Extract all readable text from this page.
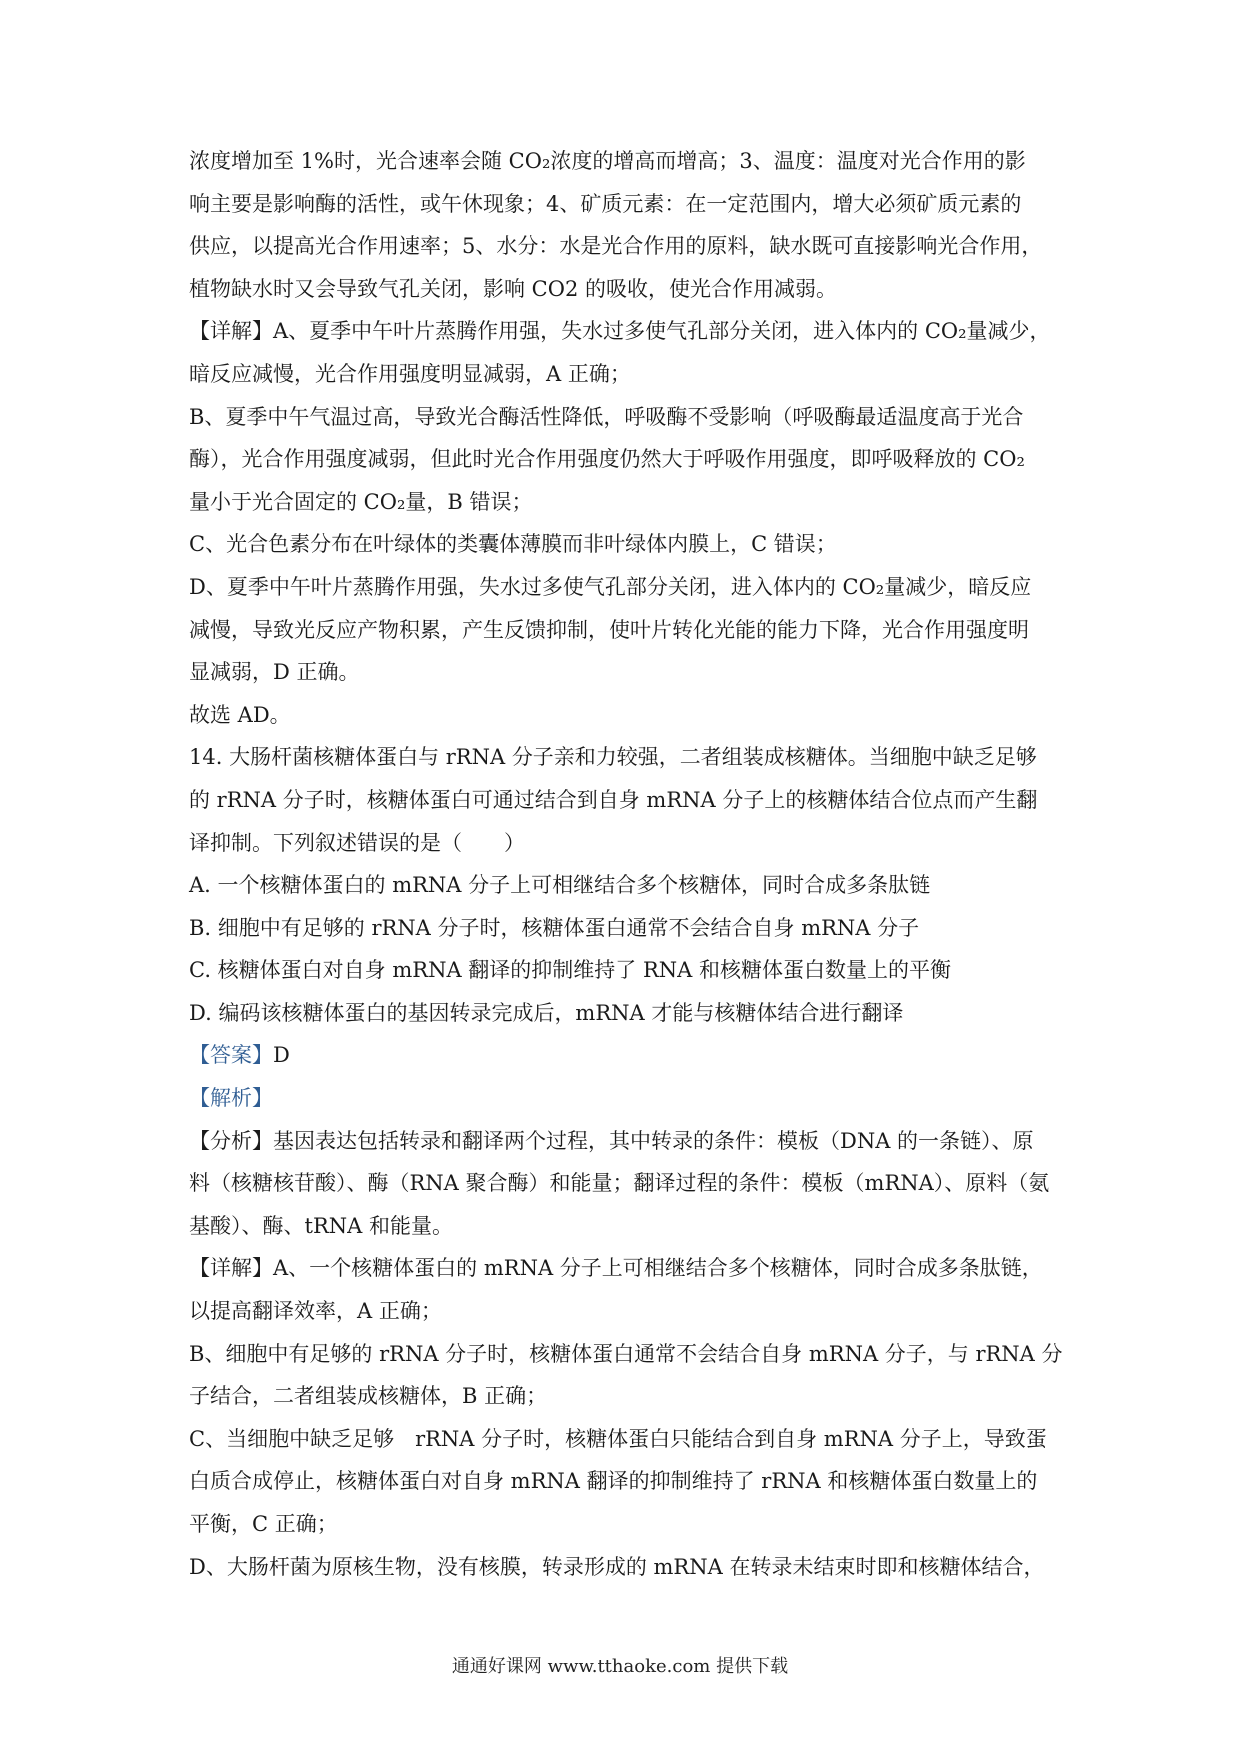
浓度增加至 1%时，光合速率会随 CO₂浓度的增高而增高；3、温度：温度对光合作用的影
响主要是影响酶的活性，或午休现象；4、矿质元素：在一定范围内，增大必须矿质元素的
供应，以提高光合作用速率；5、水分：水是光合作用的原料，缺水既可直接影响光合作用，
植物缺水时又会导致气孔关闭，影响 CO2 的吸收，使光合作用减弱。
【详解】A、夏季中午叶片蒸腾作用强，失水过多使气孔部分关闭，进入体内的 CO₂量减少，
暗反应减慢，光合作用强度明显减弱，A 正确；
B、夏季中午气温过高，导致光合酶活性降低，呼吸酶不受影响（呼吸酶最适温度高于光合
酶），光合作用强度减弱，但此时光合作用强度仍然大于呼吸作用强度，即呼吸释放的 CO₂
量小于光合固定的 CO₂量，B 错误；
C、光合色素分布在叶绿体的类囊体薄膜而非叶绿体内膜上，C 错误；
D、夏季中午叶片蒸腾作用强，失水过多使气孔部分关闭，进入体内的 CO₂量减少，暗反应
减慢，导致光反应产物积累，产生反馈抑制，使叶片转化光能的能力下降，光合作用强度明
显减弱，D 正确。
故选 AD。
14. 大肠杆菌核糖体蛋白与 rRNA 分子亲和力较强，二者组装成核糖体。当细胞中缺乏足够
的 rRNA 分子时，核糖体蛋白可通过结合到自身 mRNA 分子上的核糖体结合位点而产生翻
译抑制。下列叙述错误的是（　　）
A. 一个核糖体蛋白的 mRNA 分子上可相继结合多个核糖体，同时合成多条肽链
B. 细胞中有足够的 rRNA 分子时，核糖体蛋白通常不会结合自身 mRNA 分子
C. 核糖体蛋白对自身 mRNA 翻译的抑制维持了 RNA 和核糖体蛋白数量上的平衡
D. 编码该核糖体蛋白的基因转录完成后，mRNA 才能与核糖体结合进行翻译
【答案】D
【解析】
【分析】基因表达包括转录和翻译两个过程，其中转录的条件：模板（DNA 的一条链）、原
料（核糖核苷酸）、酶（RNA 聚合酶）和能量；翻译过程的条件：模板（mRNA）、原料（氨
基酸）、酶、tRNA 和能量。
【详解】A、一个核糖体蛋白的 mRNA 分子上可相继结合多个核糖体，同时合成多条肽链，
以提高翻译效率，A 正确；
B、细胞中有足够的 rRNA 分子时，核糖体蛋白通常不会结合自身 mRNA 分子，与 rRNA 分
子结合，二者组装成核糖体，B 正确；
C、当细胞中缺乏足够　rRNA 分子时，核糖体蛋白只能结合到自身 mRNA 分子上，导致蛋
白质合成停止，核糖体蛋白对自身 mRNA 翻译的抑制维持了 rRNA 和核糖体蛋白数量上的
平衡，C 正确；
D、大肠杆菌为原核生物，没有核膜，转录形成的 mRNA 在转录未结束时即和核糖体结合，
通通好课网 www.tthaoke.com 提供下载
